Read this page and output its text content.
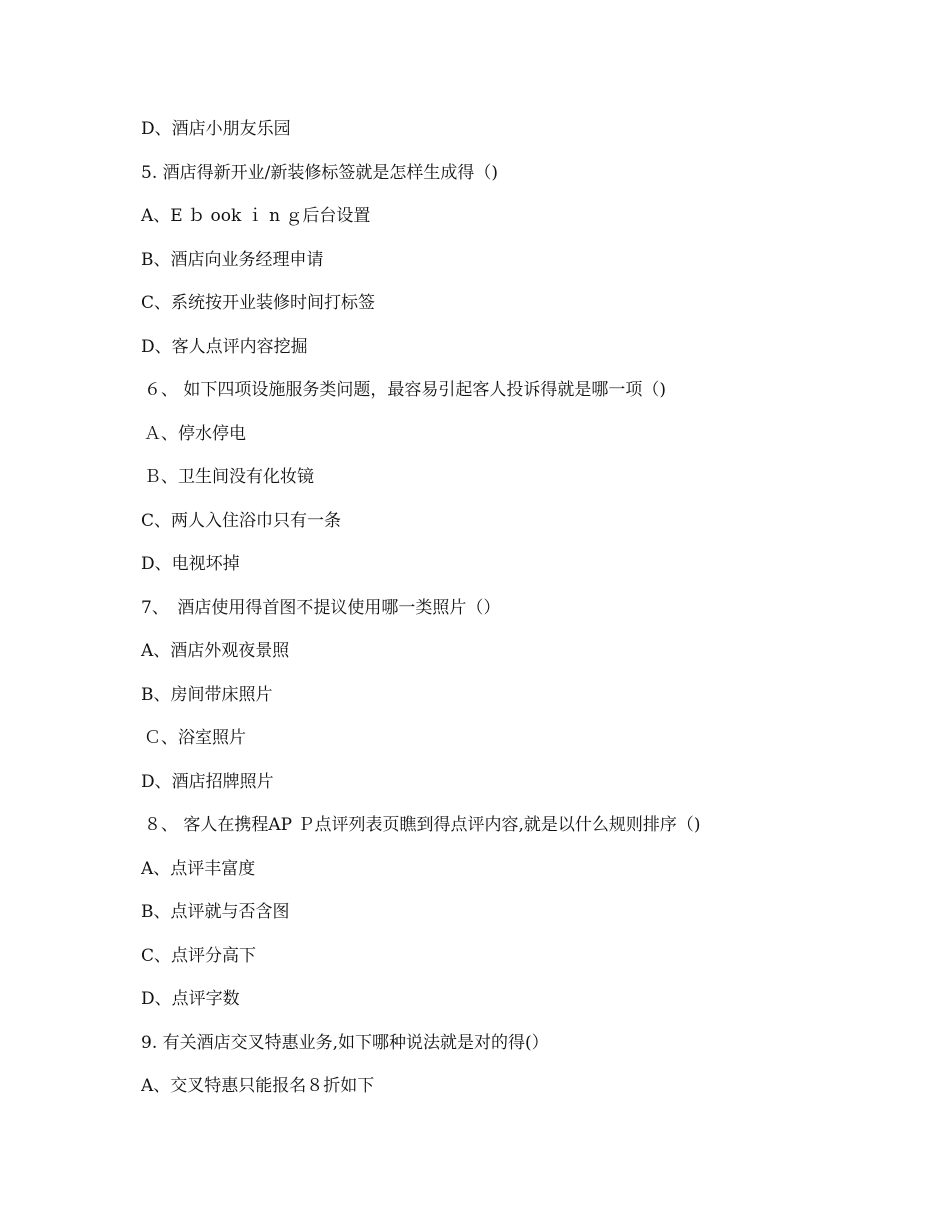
D、酒店小朋友乐园
5. 酒店得新开业/新装修标签就是怎样生成得（)
A、E ｂ ook ｉ n ｇ后台设置
B、酒店向业务经理申请
C、系统按开业装修时间打标签
D、客人点评内容挖掘
６、 如下四项设施服务类问题，最容易引起客人投诉得就是哪一项（)
Ａ、停水停电
Ｂ、卫生间没有化妆镜
C、两人入住浴巾只有一条
D、电视坏掉
7、　酒店使用得首图不提议使用哪一类照片（）
A、酒店外观夜景照
B、房间带床照片
Ｃ、浴室照片
D、酒店招牌照片
８、 客人在携程AP Ｐ点评列表页瞧到得点评内容,就是以什么规则排序（)
A、点评丰富度
B、点评就与否含图
C、点评分高下
D、点评字数
9. 有关酒店交叉特惠业务,如下哪种说法就是对的得(）
A、交叉特惠只能报名８折如下
